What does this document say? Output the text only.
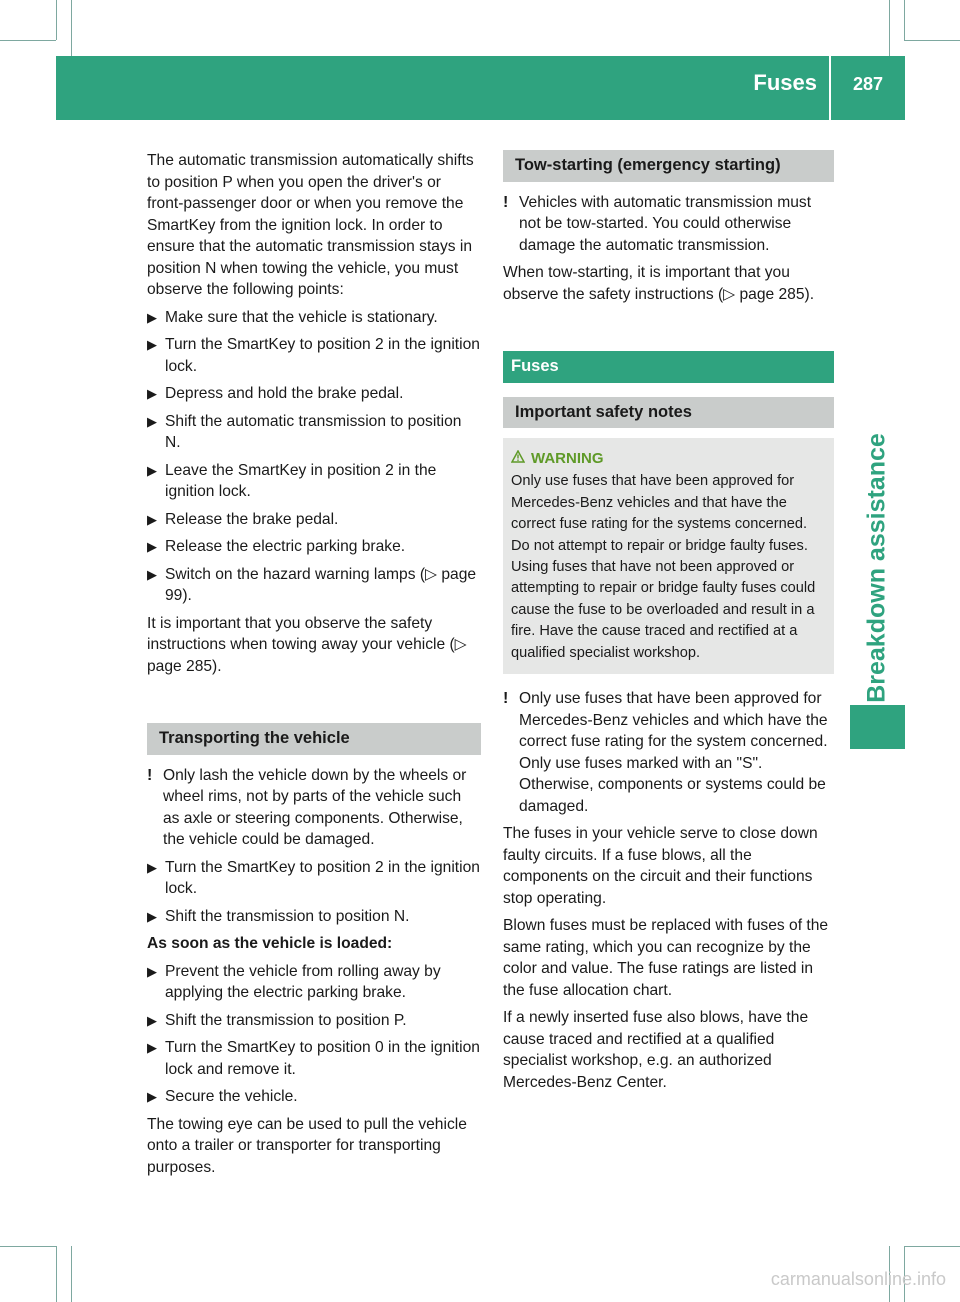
Fuses 287
Breakdown assistance

The automatic transmission automatically shifts to position P when you open the driver's or front-passenger door or when you remove the SmartKey from the ignition lock. In order to ensure that the automatic transmission stays in position N when towing the vehicle, you must observe the following points:

▶ Make sure that the vehicle is stationary.
▶ Turn the SmartKey to position 2 in the ignition lock.
▶ Depress and hold the brake pedal.
▶ Shift the automatic transmission to position N.
▶ Leave the SmartKey in position 2 in the ignition lock.
▶ Release the brake pedal.
▶ Release the electric parking brake.
▶ Switch on the hazard warning lamps (▷ page 99).

It is important that you observe the safety instructions when towing away your vehicle (▷ page 285).

Transporting the vehicle
! Only lash the vehicle down by the wheels or wheel rims, not by parts of the vehicle such as axle or steering components. Otherwise, the vehicle could be damaged.
▶ Turn the SmartKey to position 2 in the ignition lock.
▶ Shift the transmission to position N.
As soon as the vehicle is loaded:
▶ Prevent the vehicle from rolling away by applying the electric parking brake.
▶ Shift the transmission to position P.
▶ Turn the SmartKey to position 0 in the ignition lock and remove it.
▶ Secure the vehicle.

The towing eye can be used to pull the vehicle onto a trailer or transporter for transporting purposes.

Tow-starting (emergency starting)
! Vehicles with automatic transmission must not be tow-started. You could otherwise damage the automatic transmission.

When tow-starting, it is important that you observe the safety instructions (▷ page 285).

Fuses
Important safety notes
WARNING
Only use fuses that have been approved for Mercedes-Benz vehicles and that have the correct fuse rating for the systems concerned. Do not attempt to repair or bridge faulty fuses. Using fuses that have not been approved or attempting to repair or bridge faulty fuses could cause the fuse to be overloaded and result in a fire. Have the cause traced and rectified at a qualified specialist workshop.
! Only use fuses that have been approved for Mercedes-Benz vehicles and which have the correct fuse rating for the system concerned. Only use fuses marked with an "S". Otherwise, components or systems could be damaged.

The fuses in your vehicle serve to close down faulty circuits. If a fuse blows, all the components on the circuit and their functions stop operating.

Blown fuses must be replaced with fuses of the same rating, which you can recognize by the color and value. The fuse ratings are listed in the fuse allocation chart.

If a newly inserted fuse also blows, have the cause traced and rectified at a qualified specialist workshop, e.g. an authorized Mercedes-Benz Center.

carmanualsonline.info
